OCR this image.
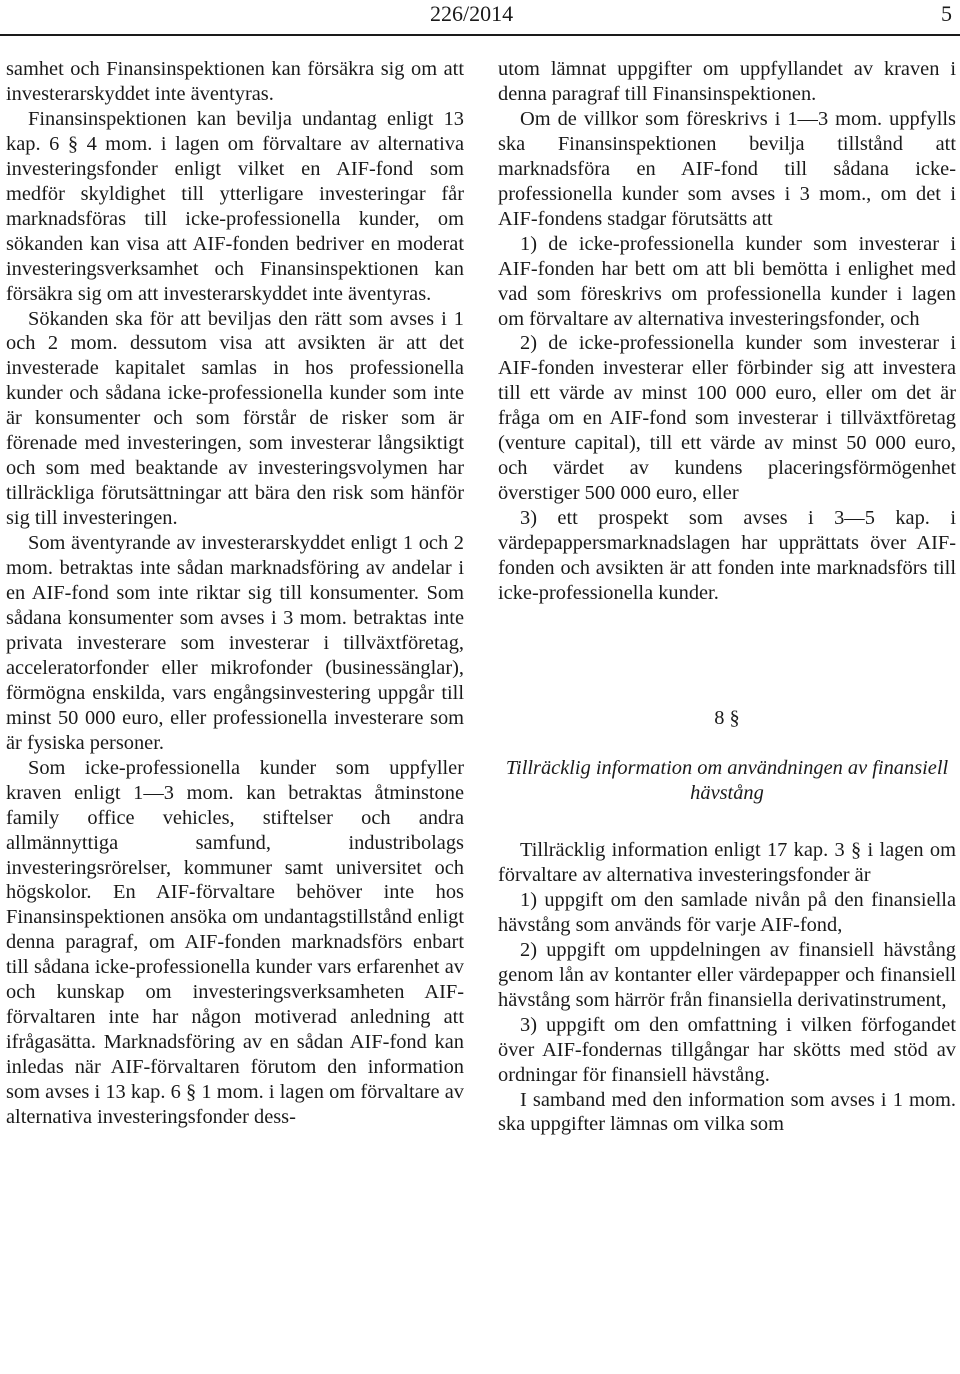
226/2014	5

samhet och Finansinspektionen kan försäkra sig om att investerarskyddet inte äventyras.

Finansinspektionen kan bevilja undantag enligt 13 kap. 6 § 4 mom. i lagen om förvaltare av alternativa investeringsfonder enligt vilket en AIF-fond som medför skyldighet till ytterligare investeringar får marknadsföras till icke-professionella kunder, om sökanden kan visa att AIF-fonden bedriver en moderat investeringsverksamhet och Finansinspektionen kan försäkra sig om att investerarskyddet inte äventyras.

Sökanden ska för att beviljas den rätt som avses i 1 och 2 mom. dessutom visa att avsikten är att det investerade kapitalet samlas in hos professionella kunder och sådana icke-professionella kunder som inte är konsumenter och som förstår de risker som är förenade med investeringen, som investerar långsiktigt och som med beaktande av investeringsvolymen har tillräckliga förutsättningar att bära den risk som hänför sig till investeringen.

Som äventyrande av investerarskyddet enligt 1 och 2 mom. betraktas inte sådan marknadsföring av andelar i en AIF-fond som inte riktar sig till konsumenter. Som sådana konsumenter som avses i 3 mom. betraktas inte privata investerare som investerar i tillväxtföretag, acceleratorfonder eller mikrofonder (businessänglar), förmögna enskilda, vars engångsinvestering uppgår till minst 50 000 euro, eller professionella investerare som är fysiska personer.

Som icke-professionella kunder som uppfyller kraven enligt 1—3 mom. kan betraktas åtminstone family office vehicles, stiftelser och andra allmännyttiga samfund, industribolags investeringsrörelser, kommuner samt universitet och högskolor. En AIF-förvaltare behöver inte hos Finansinspektionen ansöka om undantagstillstånd enligt denna paragraf, om AIF-fonden marknadsförs enbart till sådana icke-professionella kunder vars erfarenhet av och kunskap om investeringsverksamheten AIF-förvaltaren inte har någon motiverad anledning att ifrågasätta. Marknadsföring av en sådan AIF-fond kan inledas när AIF-förvaltaren förutom den information som avses i 13 kap. 6 § 1 mom. i lagen om förvaltare av alternativa investeringsfonder dess-

utom lämnat uppgifter om uppfyllandet av kraven i denna paragraf till Finansinspektionen.

Om de villkor som föreskrivs i 1—3 mom. uppfylls ska Finansinspektionen bevilja tillstånd att marknadsföra en AIF-fond till sådana icke-professionella kunder som avses i 3 mom., om det i AIF-fondens stadgar förutsätts att

1) de icke-professionella kunder som investerar i AIF-fonden har bett om att bli bemötta i enlighet med vad som föreskrivs om professionella kunder i lagen om förvaltare av alternativa investeringsfonder, och

2) de icke-professionella kunder som investerar i AIF-fonden investerar eller förbinder sig att investera till ett värde av minst 100 000 euro, eller om det är fråga om en AIF-fond som investerar i tillväxtföretag (venture capital), till ett värde av minst 50 000 euro, och värdet av kundens placeringsförmögenhet överstiger 500 000 euro, eller

3) ett prospekt som avses i 3—5 kap. i värdepappersmarknadslagen har upprättats över AIF-fonden och avsikten är att fonden inte marknadsförs till icke-professionella kunder.

8 §

Tillräcklig information om användningen av finansiell hävstång

Tillräcklig information enligt 17 kap. 3 § i lagen om förvaltare av alternativa investeringsfonder är

1) uppgift om den samlade nivån på den finansiella hävstång som används för varje AIF-fond,

2) uppgift om uppdelningen av finansiell hävstång genom lån av kontanter eller värdepapper och finansiell hävstång som härrör från finansiella derivatinstrument,

3) uppgift om den omfattning i vilken förfogandet över AIF-fondernas tillgångar har skötts med stöd av ordningar för finansiell hävstång.

I samband med den information som avses i 1 mom. ska uppgifter lämnas om vilka som
